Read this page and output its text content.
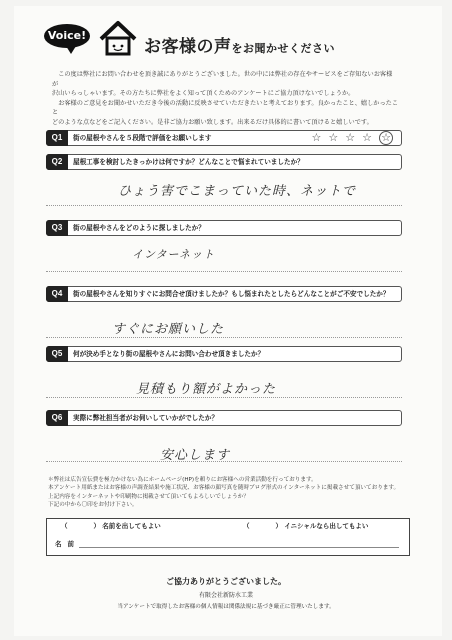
Voice!
お客様の声をお聞かせください

この度は弊社にお問い合わせを頂き誠にありがとうございました。世の中には弊社の存在やサービスをご存知ないお客様が

沢山いらっしゃいます。その方たちに弊社をよく知って頂くためのアンケートにご協力頂けないでしょうか。

お客様のご意見をお聞かせいただき今後の活動に反映させていただきたいと考えております。良かったこと、嬉しかったこと

どのような点などをご記入ください。是非ご協力お願い致します。出来るだけ具体的に書いて頂けると嬉しいです。

Q1	街の屋根やさんを５段階で評価をお願いします	☆☆☆☆ ☆
Q2	屋根工事を検討したきっかけは何ですか？どんなことで悩まれていましたか？
ひょう害でこまっていた時、ネットで
Q3	街の屋根やさんをどのように探しましたか？
インターネット
Q4	街の屋根やさんを知りすぐにお問合せ頂けましたか？もし悩まれたとしたらどんなことがご不安でしたか？
すぐにお願いした
Q5	何が決め手となり街の屋根やさんにお問い合わせ頂きましたか？
見積もり額がよかった
Q6	実際に弊社担当者がお伺いしていかがでしたか？
安心します

＊弊社は広告宣伝費を極力かけない為にホームページ(HP)を頼りにお客様への営業活動を行っております。

本アンケート用紙またはお客様の声調査結果や施工状況、お客様の顔写真を随時ブログ形式のインターネットに掲載させて頂いております。

上記内容をインターネットや印刷物に掲載させて頂いてもよろしいでしょうか？

下記の中から〇印をお付け下さい。

（	） 名前を出してもよい	（	） イニシャルなら出してもよい
名前
ご協力ありがとうございました。
有限会社新防水工業
当アンケートで取得したお客様の個人情報は関係法規に基づき厳正に管理いたします。
